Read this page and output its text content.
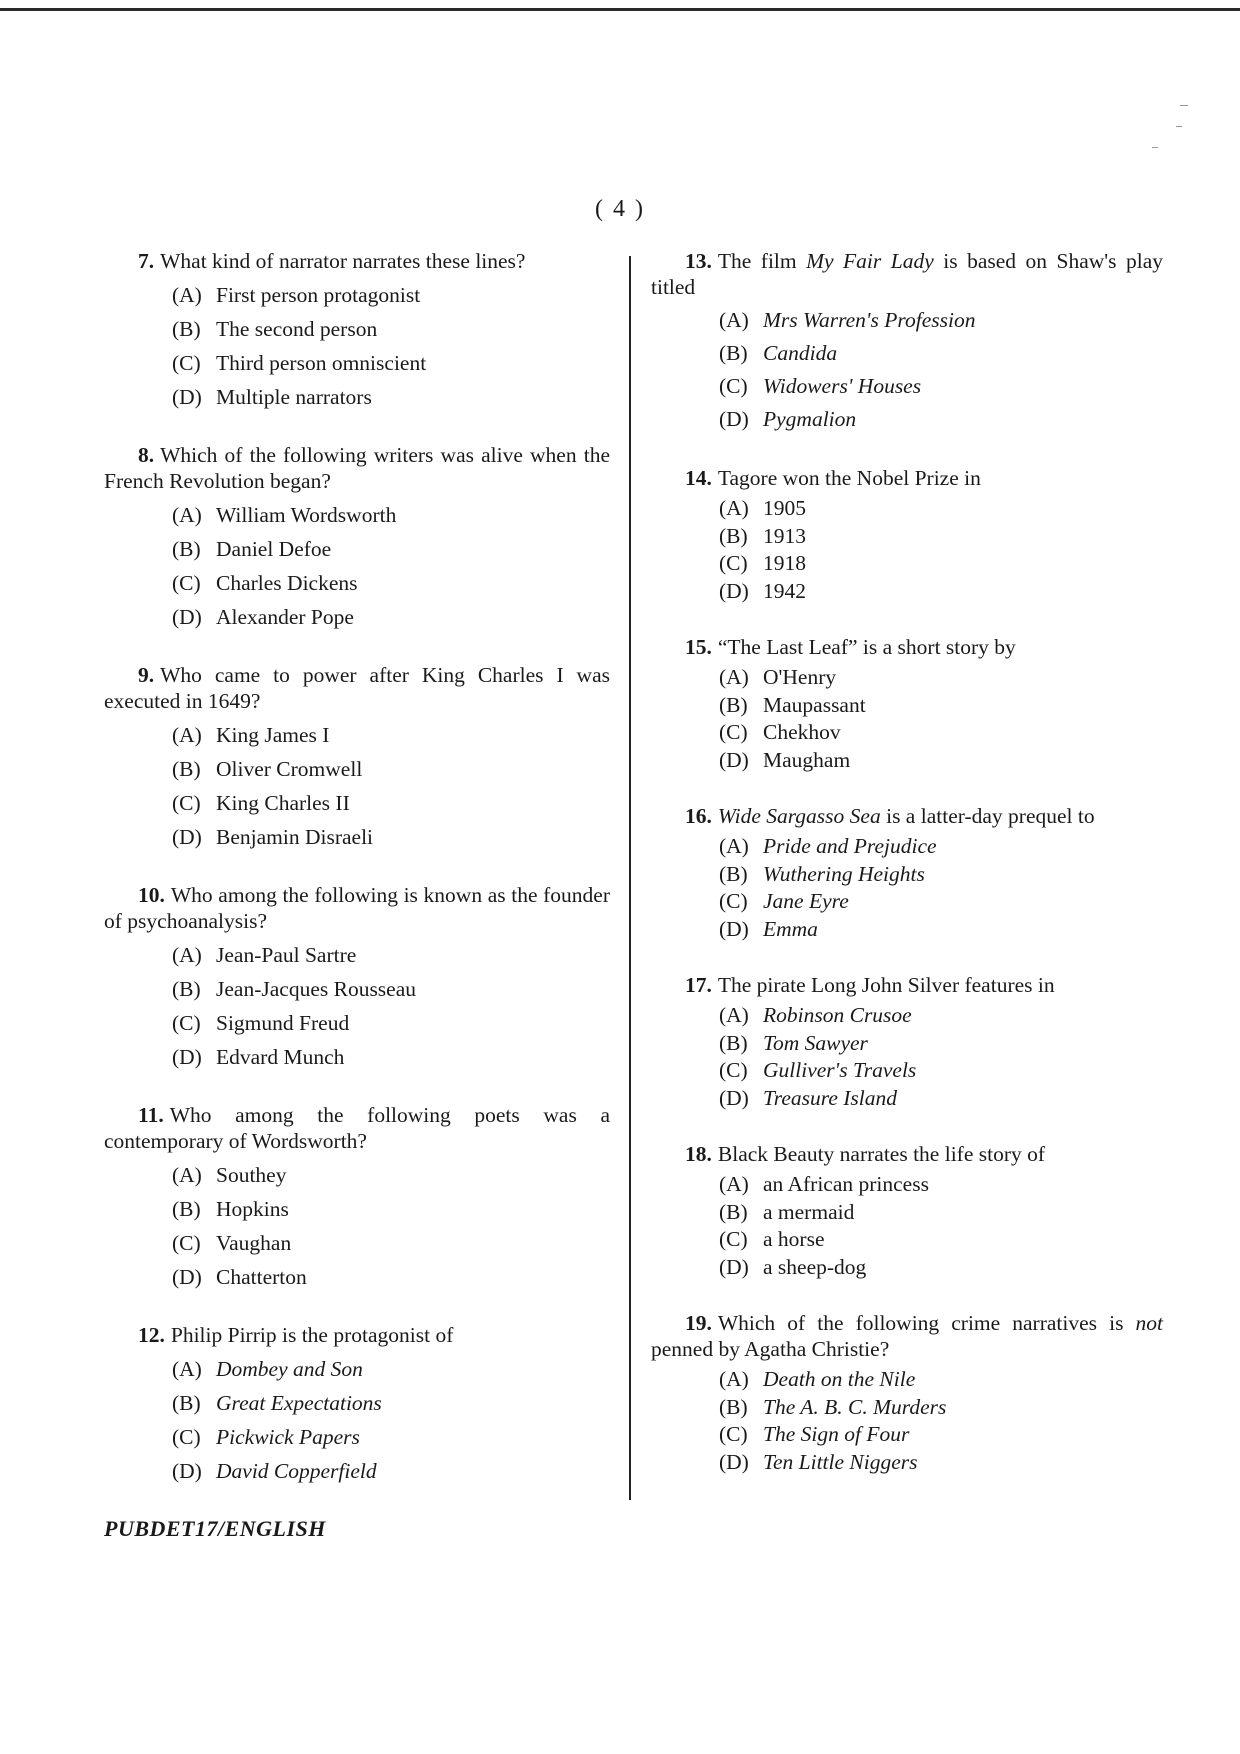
( 4 )
7. What kind of narrator narrates these lines?
(A) First person protagonist
(B) The second person
(C) Third person omniscient
(D) Multiple narrators
8. Which of the following writers was alive when the French Revolution began?
(A) William Wordsworth
(B) Daniel Defoe
(C) Charles Dickens
(D) Alexander Pope
9. Who came to power after King Charles I was executed in 1649?
(A) King James I
(B) Oliver Cromwell
(C) King Charles II
(D) Benjamin Disraeli
10. Who among the following is known as the founder of psychoanalysis?
(A) Jean-Paul Sartre
(B) Jean-Jacques Rousseau
(C) Sigmund Freud
(D) Edvard Munch
11. Who among the following poets was a contemporary of Wordsworth?
(A) Southey
(B) Hopkins
(C) Vaughan
(D) Chatterton
12. Philip Pirrip is the protagonist of
(A) Dombey and Son
(B) Great Expectations
(C) Pickwick Papers
(D) David Copperfield
13. The film My Fair Lady is based on Shaw's play titled
(A) Mrs Warren's Profession
(B) Candida
(C) Widowers' Houses
(D) Pygmalion
14. Tagore won the Nobel Prize in
(A) 1905
(B) 1913
(C) 1918
(D) 1942
15. “The Last Leaf” is a short story by
(A) O'Henry
(B) Maupassant
(C) Chekhov
(D) Maugham
16. Wide Sargasso Sea is a latter-day prequel to
(A) Pride and Prejudice
(B) Wuthering Heights
(C) Jane Eyre
(D) Emma
17. The pirate Long John Silver features in
(A) Robinson Crusoe
(B) Tom Sawyer
(C) Gulliver's Travels
(D) Treasure Island
18. Black Beauty narrates the life story of
(A) an African princess
(B) a mermaid
(C) a horse
(D) a sheep-dog
19. Which of the following crime narratives is not penned by Agatha Christie?
(A) Death on the Nile
(B) The A. B. C. Murders
(C) The Sign of Four
(D) Ten Little Niggers
PUBDET17/ENGLISH
